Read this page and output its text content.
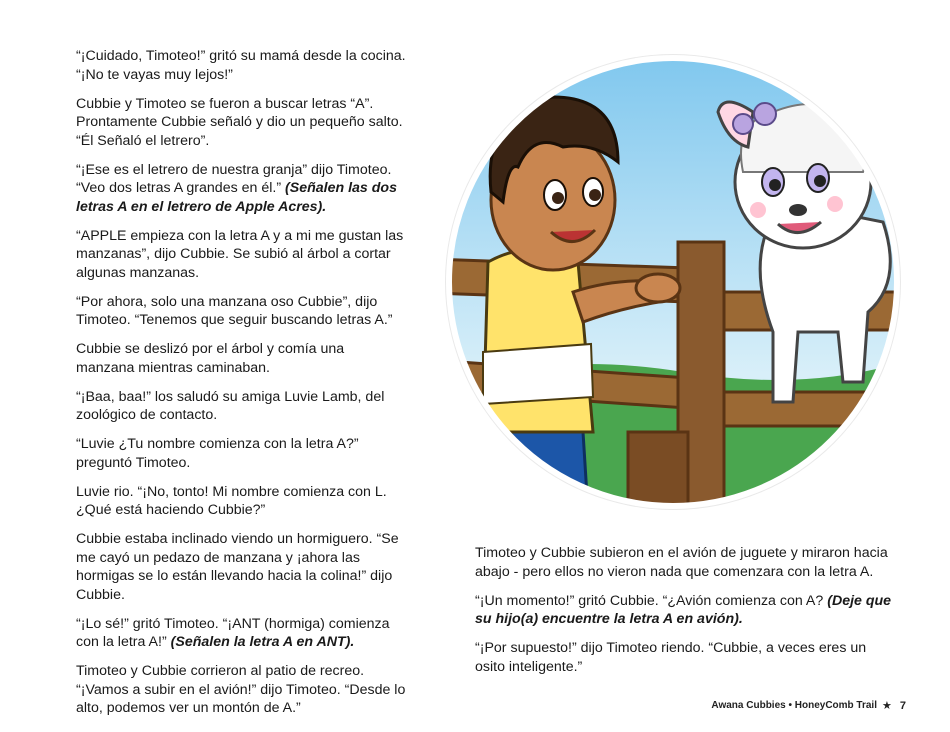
“¡Cuidado, Timoteo!” gritó su mamá desde la cocina. “¡No te vayas muy lejos!”

Cubbie y Timoteo se fueron a buscar letras “A”. Prontamente Cubbie señaló y dio un pequeño salto. “Él Señaló el letrero”.

“¡Ese es el letrero de nuestra granja” dijo Timoteo. “Veo dos letras A grandes en él.” (Señalen las dos letras A en el letrero de Apple Acres).

“APPLE empieza con la letra A y a mi me gustan las manzanas”, dijo Cubbie. Se subió al árbol a cortar algunas manzanas.

“Por ahora, solo una manzana oso Cubbie”, dijo Timoteo. “Tenemos que seguir buscando letras A.”

Cubbie se deslizó por el árbol y comía una manzana mientras caminaban.

“¡Baa, baa!” los saludó su amiga Luvie Lamb, del zoológico de contacto.

“Luvie ¿Tu nombre comienza con la letra A?” preguntó Timoteo.

Luvie rio. “¡No, tonto! Mi nombre comienza con L. ¿Qué está haciendo Cubbie?”

Cubbie estaba inclinado viendo un hormiguero. “Se me cayó un pedazo de manzana y ¡ahora las hormigas se lo están llevando hacia la colina!” dijo Cubbie.

“¡Lo sé!” gritó Timoteo. “¡ANT (hormiga) comienza con la letra A!” (Señalen la letra A en ANT).

Timoteo y Cubbie corrieron al patio de recreo. “¡Vamos a subir en el avión!” dijo Timoteo. “Desde lo alto, podemos ver un montón de A.”

Timoteo y Cubbie subieron en el avión de juguete y miraron hacia abajo - pero ellos no vieron nada que comenzara con la letra A.

“¡Un momento!” gritó Cubbie. “¿Avión comienza con A? (Deje que su hijo(a) encuentre la letra A en avión).

“¡Por supuesto!” dijo Timoteo riendo. “Cubbie, a veces eres un osito inteligente.”

Awana Cubbies • HoneyComb Trail ★ 7
